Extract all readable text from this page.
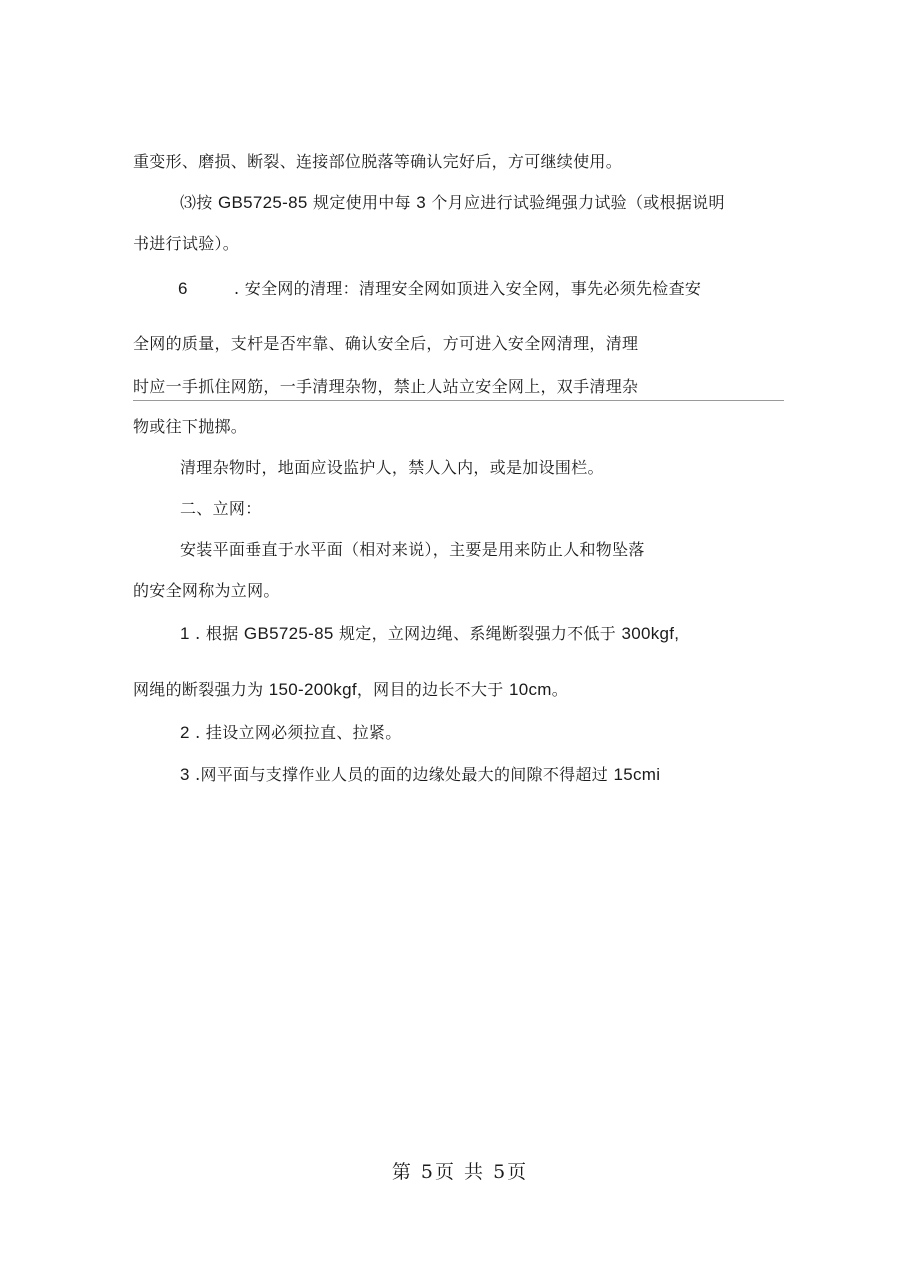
重变形、磨损、断裂、连接部位脱落等确认完好后，方可继续使用。
⑶按 GB5725-85 规定使用中每 3 个月应进行试验绳强力试验（或根据说明
书进行试验）。
6	. 安全网的清理：清理安全网如顶进入安全网，事先必须先检查安
全网的质量，支杆是否牢靠、确认安全后，方可进入安全网清理，清理
时应一手抓住网筋，一手清理杂物，禁止人站立安全网上，双手清理杂
物或往下抛掷。
清理杂物时，地面应设监护人，禁人入内，或是加设围栏。
二、立网：
安装平面垂直于水平面（相对来说），主要是用来防止人和物坠落
的安全网称为立网。
1 . 根据 GB5725-85 规定，立网边绳、系绳断裂强力不低于 300kgf,
网绳的断裂强力为 150-200kgf，网目的边长不大于 10cm。
2 . 挂设立网必须拉直、拉紧。
3 .网平面与支撑作业人员的面的边缘处最大的间隙不得超过 15cmi
第 5页 共 5页
